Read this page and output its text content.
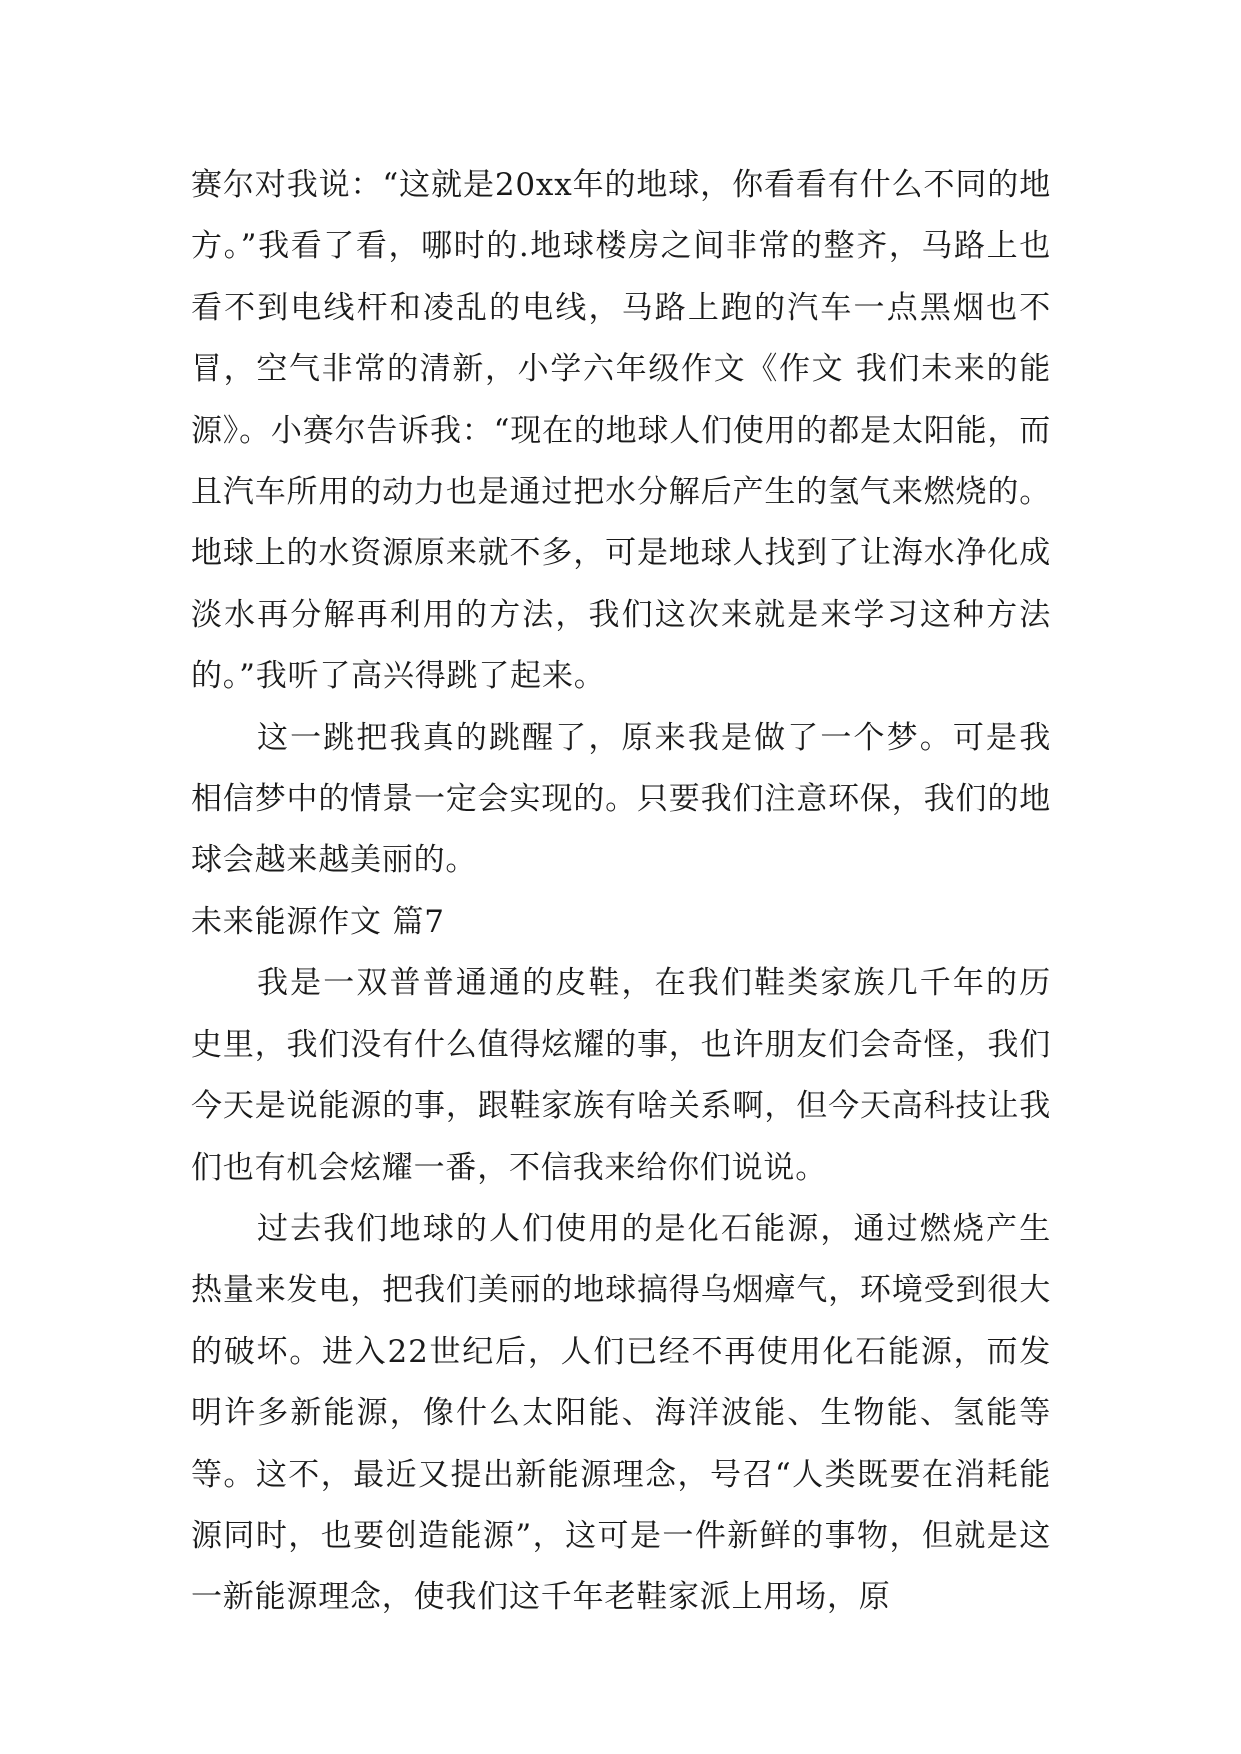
赛尔对我说：“这就是20xx年的地球，你看看有什么不同的地方。”我看了看，哪时的.地球楼房之间非常的整齐，马路上也看不到电线杆和凌乱的电线，马路上跑的汽车一点黑烟也不冒，空气非常的清新，小学六年级作文《作文 我们未来的能源》。小赛尔告诉我：“现在的地球人们使用的都是太阳能，而且汽车所用的动力也是通过把水分解后产生的氢气来燃烧的。地球上的水资源原来就不多，可是地球人找到了让海水净化成淡水再分解再利用的方法，我们这次来就是来学习这种方法的。”我听了高兴得跳了起来。

这一跳把我真的跳醒了，原来我是做了一个梦。可是我相信梦中的情景一定会实现的。只要我们注意环保，我们的地球会越来越美丽的。

未来能源作文 篇7

我是一双普普通通的皮鞋，在我们鞋类家族几千年的历史里，我们没有什么值得炫耀的事，也许朋友们会奇怪，我们今天是说能源的事，跟鞋家族有啥关系啊，但今天高科技让我们也有机会炫耀一番，不信我来给你们说说。

过去我们地球的人们使用的是化石能源，通过燃烧产生热量来发电，把我们美丽的地球搞得乌烟瘴气，环境受到很大的破坏。进入22世纪后，人们已经不再使用化石能源，而发明许多新能源，像什么太阳能、海洋波能、生物能、氢能等等。这不，最近又提出新能源理念，号召“人类既要在消耗能源同时，也要创造能源”，这可是一件新鲜的事物，但就是这一新能源理念，使我们这千年老鞋家派上用场，原
